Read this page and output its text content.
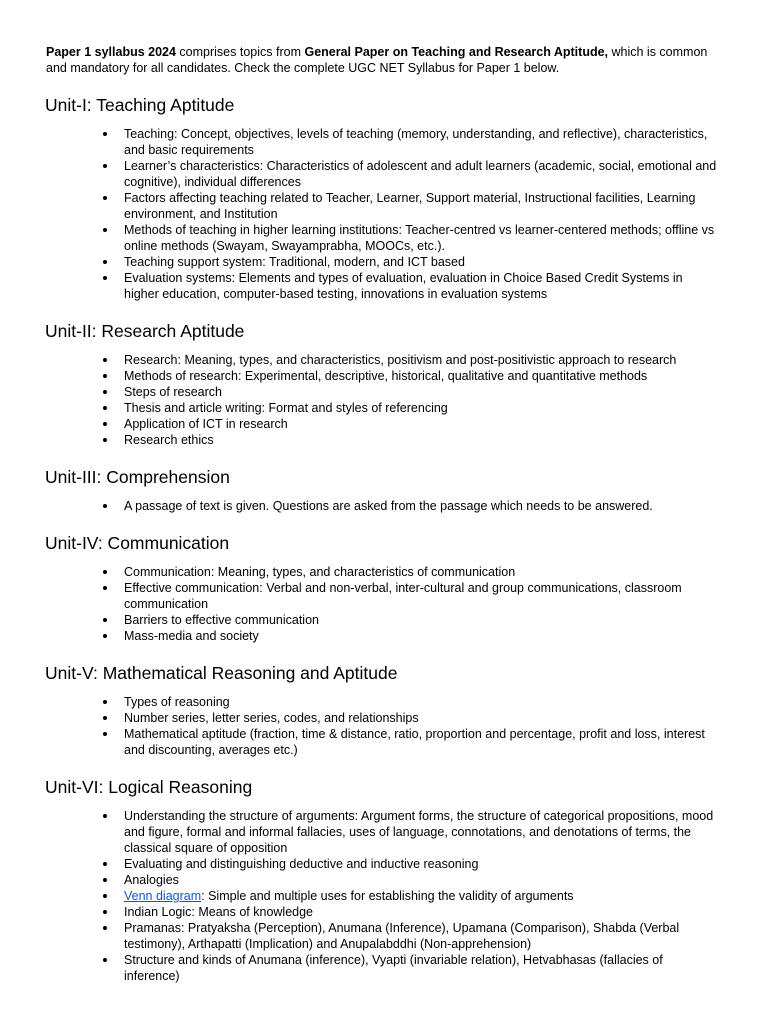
Paper 1 syllabus 2024 comprises topics from General Paper on Teaching and Research Aptitude, which is common and mandatory for all candidates. Check the complete UGC NET Syllabus for Paper 1 below.

Unit-I: Teaching Aptitude
Teaching: Concept, objectives, levels of teaching (memory, understanding, and reflective), characteristics, and basic requirements
Learner’s characteristics: Characteristics of adolescent and adult learners (academic, social, emotional and cognitive), individual differences
Factors affecting teaching related to Teacher, Learner, Support material, Instructional facilities, Learning environment, and Institution
Methods of teaching in higher learning institutions: Teacher-centred vs learner-centered methods; offline vs online methods (Swayam, Swayamprabha, MOOCs, etc.).
Teaching support system: Traditional, modern, and ICT based
Evaluation systems: Elements and types of evaluation, evaluation in Choice Based Credit Systems in higher education, computer-based testing, innovations in evaluation systems
Unit-II: Research Aptitude
Research: Meaning, types, and characteristics, positivism and post-positivistic approach to research
Methods of research: Experimental, descriptive, historical, qualitative and quantitative methods
Steps of research
Thesis and article writing: Format and styles of referencing
Application of ICT in research
Research ethics
Unit-III: Comprehension
A passage of text is given. Questions are asked from the passage which needs to be answered.
Unit-IV: Communication
Communication: Meaning, types, and characteristics of communication
Effective communication: Verbal and non-verbal, inter-cultural and group communications, classroom communication
Barriers to effective communication
Mass-media and society
Unit-V: Mathematical Reasoning and Aptitude
Types of reasoning
Number series, letter series, codes, and relationships
Mathematical aptitude (fraction, time & distance, ratio, proportion and percentage, profit and loss, interest and discounting, averages etc.)
Unit-VI: Logical Reasoning
Understanding the structure of arguments: Argument forms, the structure of categorical propositions, mood and figure, formal and informal fallacies, uses of language, connotations, and denotations of terms, the classical square of opposition
Evaluating and distinguishing deductive and inductive reasoning
Analogies
Venn diagram: Simple and multiple uses for establishing the validity of arguments
Indian Logic: Means of knowledge
Pramanas: Pratyaksha (Perception), Anumana (Inference), Upamana (Comparison), Shabda (Verbal testimony), Arthapatti (Implication) and Anupalabddhi (Non-apprehension)
Structure and kinds of Anumana (inference), Vyapti (invariable relation), Hetvabhasas (fallacies of inference)
